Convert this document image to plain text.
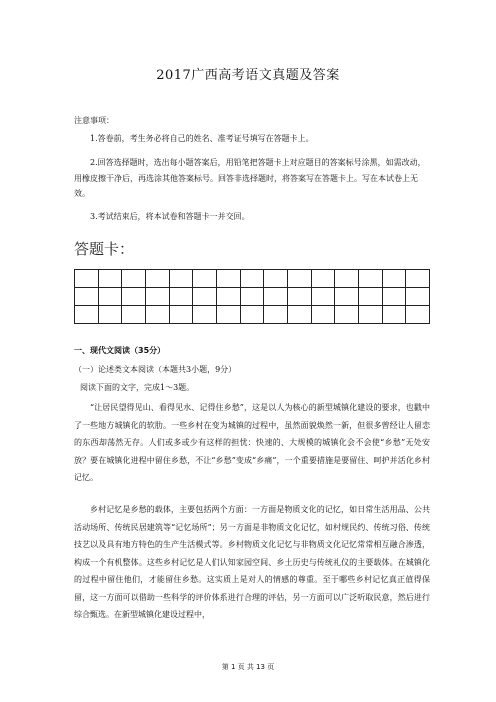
2017广西高考语文真题及答案
注意事项：
1.答卷前，考生务必将自己的姓名、准考证号填写在答题卡上。
2.回答选择题时，选出每小题答案后，用铅笔把答题卡上对应题目的答案标号涂黑，如需改动，用橡皮擦干净后，再选涂其他答案标号。回答非选择题时，将答案写在答题卡上。写在本试卷上无效。
3.考试结束后，将本试卷和答题卡一并交回。
答题卡：

一、现代文阅读（35分）
（一）论述类文本阅读（本题共3小题，9分）
阅读下面的文字，完成1～3题。
“让居民望得见山、看得见水、记得住乡愁”，这是以人为核心的新型城镇化建设的要求，也戳中了一些地方城镇化的软肋。一些乡村在变为城镇的过程中，虽然面貌焕然一新，但很多曾经让人留恋的东西却荡然无存。人们或多或少有这样的担忧：快速的、大规模的城镇化会不会使“乡愁”无处安放？要在城镇化进程中留住乡愁，不让“乡愁”变成“乡痛”，一个重要措施是要留住、呵护并活化乡村记忆。
乡村记忆是乡愁的载体，主要包括两个方面：一方面是物质文化的记忆，如日常生活用品、公共活动场所、传统民居建筑等“记忆场所”；另一方面是非物质文化记忆，如村规民约、传统习俗、传统技艺以及具有地方特色的生产生活模式等。乡村物质文化记忆与非物质文化记忆常常相互融合渗透，构成一个有机整体。这些乡村记忆是人们认知家园空间、乡土历史与传统礼仪的主要载体。在城镇化的过程中留住他们，才能留住乡愁。这实质上是对人的情感的尊重。至于哪些乡村记忆真正值得保留，这一方面可以借助一些科学的评价体系进行合理的评估，另一方面可以广泛听取民意，然后进行综合甄选。在新型城镇化建设过程中，
第 1 页 共 13 页
